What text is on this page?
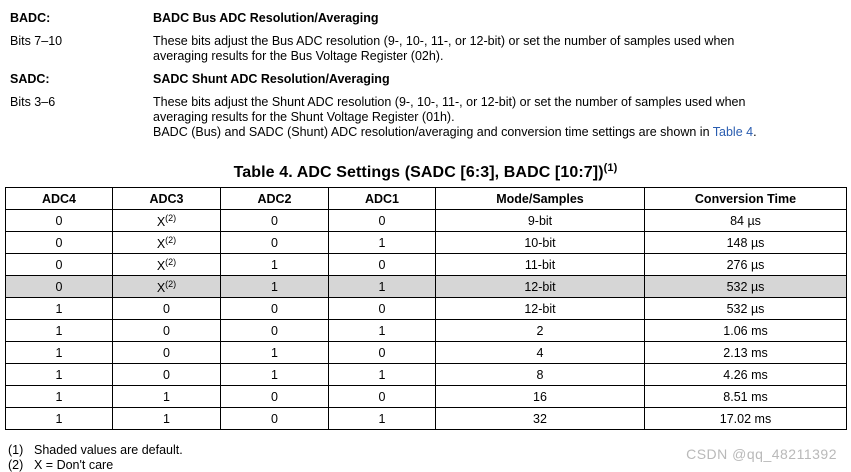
BADC:	BADC Bus ADC Resolution/Averaging
Bits 7–10	These bits adjust the Bus ADC resolution (9-, 10-, 11-, or 12-bit) or set the number of samples used when
averaging results for the Bus Voltage Register (02h).
SADC:	SADC Shunt ADC Resolution/Averaging
Bits 3–6	These bits adjust the Shunt ADC resolution (9-, 10-, 11-, or 12-bit) or set the number of samples used when
averaging results for the Shunt Voltage Register (01h).
BADC (Bus) and SADC (Shunt) ADC resolution/averaging and conversion time settings are shown in Table 4.
Table 4. ADC Settings (SADC [6:3], BADC [10:7])$^{(1)}$
ADC4	ADC3	ADC2	ADC1	Mode/Samples	Conversion Time
0	X$^{(2)}$	0	0	9-bit	84 µs
0	X$^{(2)}$	0	1	10-bit	148 µs
0	X$^{(2)}$	1	0	11-bit	276 µs
0	X$^{(2)}$	1	1	12-bit	532 µs
1	0	0	0	12-bit	532 µs
1	0	0	1	2	1.06 ms
1	0	1	0	4	2.13 ms
1	0	1	1	8	4.26 ms
1	1	0	0	16	8.51 ms
1	1	0	1	32	17.02 ms
(1) Shaded values are default.
(2) X = Don't care
CSDN @qq_48211392
